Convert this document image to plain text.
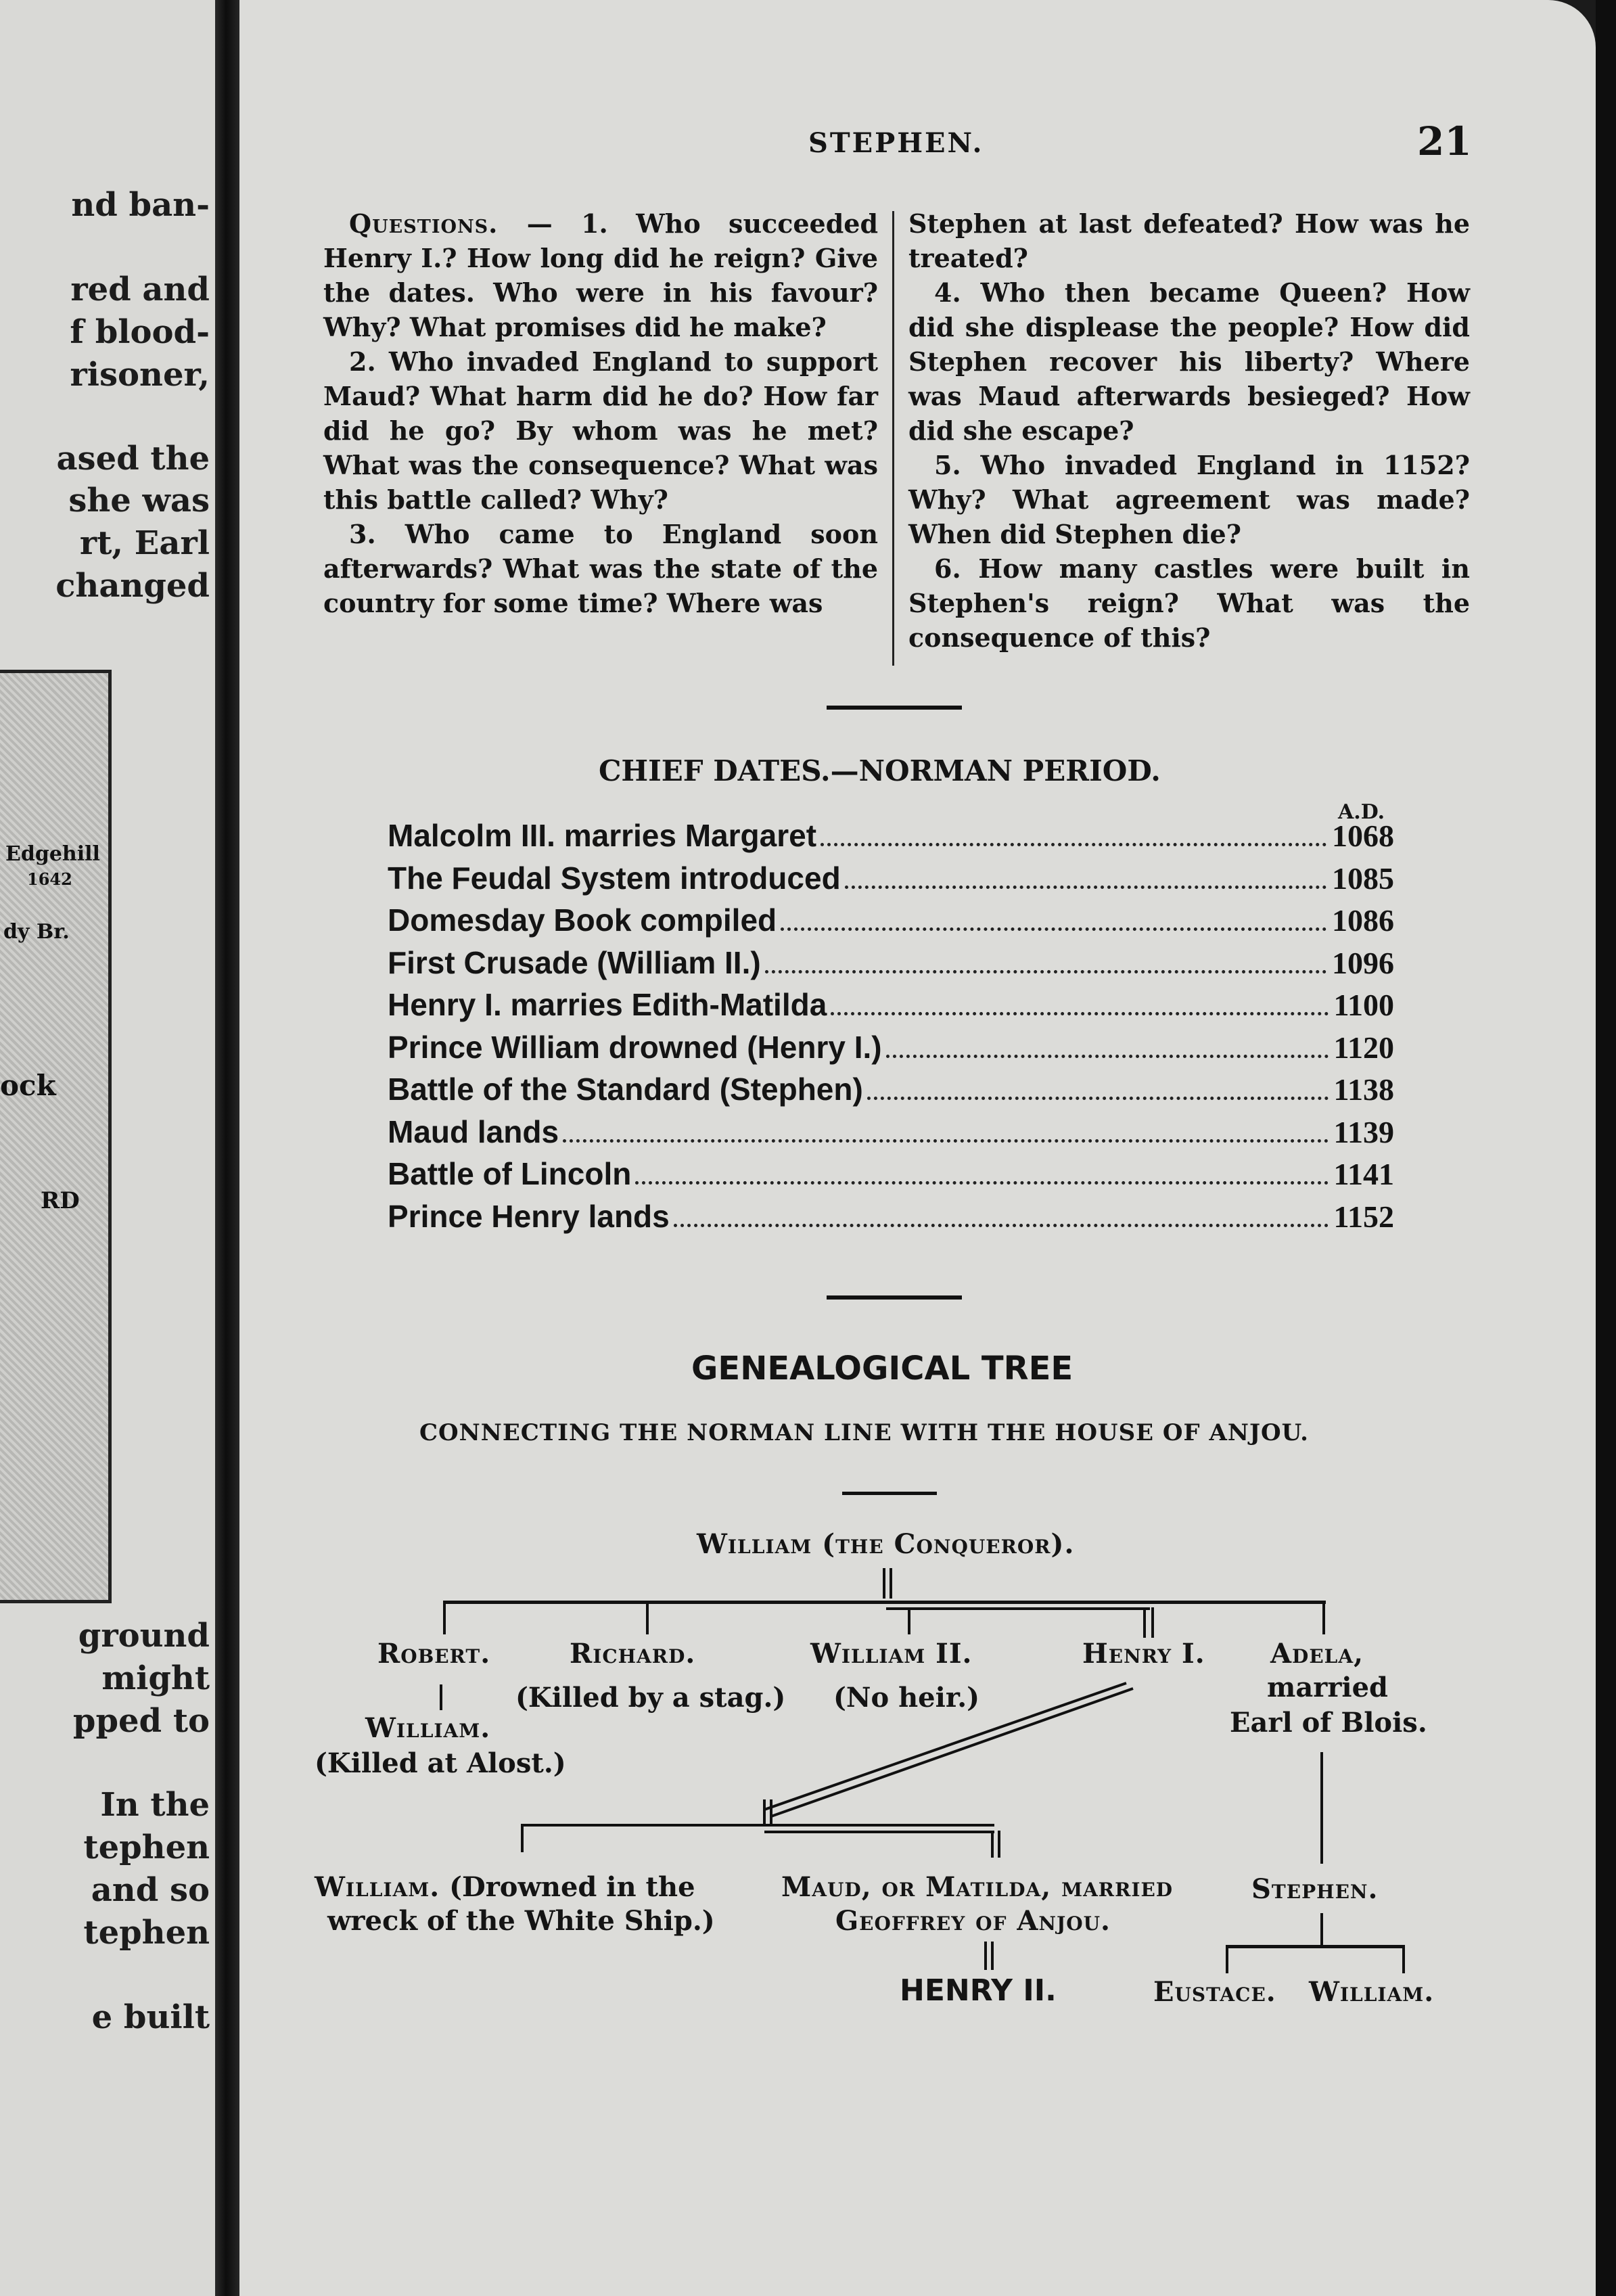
nd ban-
red and
f blood-
risoner,
ased the
she was
rt, Earl
changed
Edgehill
1642
dy Br.
ock
RD
ground
might
pped to
In the
tephen
and so
tephen
e built
STEPHEN.	21

Questions. — 1. Who succeeded Henry I.? How long did he reign? Give the dates. Who were in his favour? Why? What promises did he make?

2. Who invaded England to support Maud? What harm did he do? How far did he go? By whom was he met? What was the consequence? What was this battle called? Why?

3. Who came to England soon afterwards? What was the state of the country for some time? Where was

Stephen at last defeated? How was he treated?

4. Who then became Queen? How did she displease the people? How did Stephen recover his liberty? Where was Maud afterwards besieged? How did she escape?

5. Who invaded England in 1152? Why? What agreement was made? When did Stephen die?

6. How many castles were built in Stephen's reign? What was the consequence of this?

CHIEF DATES.—NORMAN PERIOD.
A.D.
Malcolm III. marries Margaret	1068
The Feudal System introduced	1085
Domesday Book compiled	1086
First Crusade (William II.)	1096
Henry I. marries Edith-Matilda	1100
Prince William drowned (Henry I.)	1120
Battle of the Standard (Stephen)	1138
Maud lands	1139
Battle of Lincoln	1141
Prince Henry lands	1152
GENEALOGICAL TREE
CONNECTING THE NORMAN LINE WITH THE HOUSE OF ANJOU.
William (the Conqueror).
Robert.	Richard.
(Killed by a stag.)
William II.
(No heir.)
Henry I. Adela,
married
Earl of Blois.
William.
(Killed at Alost.)
William. (Drowned in the
wreck of the White Ship.)
Maud, or Matilda, married
Geoffrey of Anjou.
Stephen.
HENRY II.	Eustace. William.
